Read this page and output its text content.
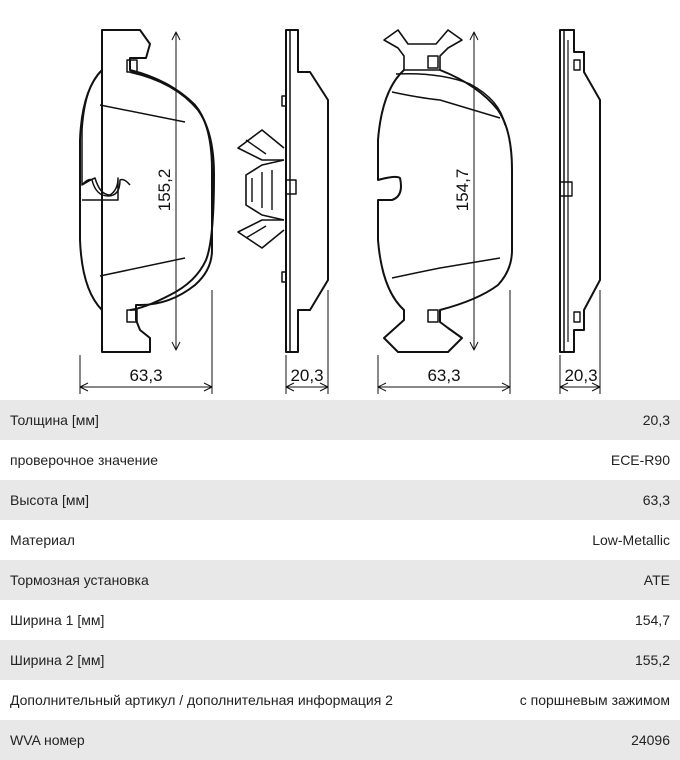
155,2
63,3	20,3
154,7
63,3	20,3
Толщина [мм]	20,3
проверочное значение	ECE-R90
Высота [мм]	63,3
Материал	Low-Metallic
Тормозная установка	ATE
Ширина 1 [мм]	154,7
Ширина 2 [мм]	155,2
Дополнительный артикул / дополнительная информация 2	с поршневым зажимом
WVA номер	24096
